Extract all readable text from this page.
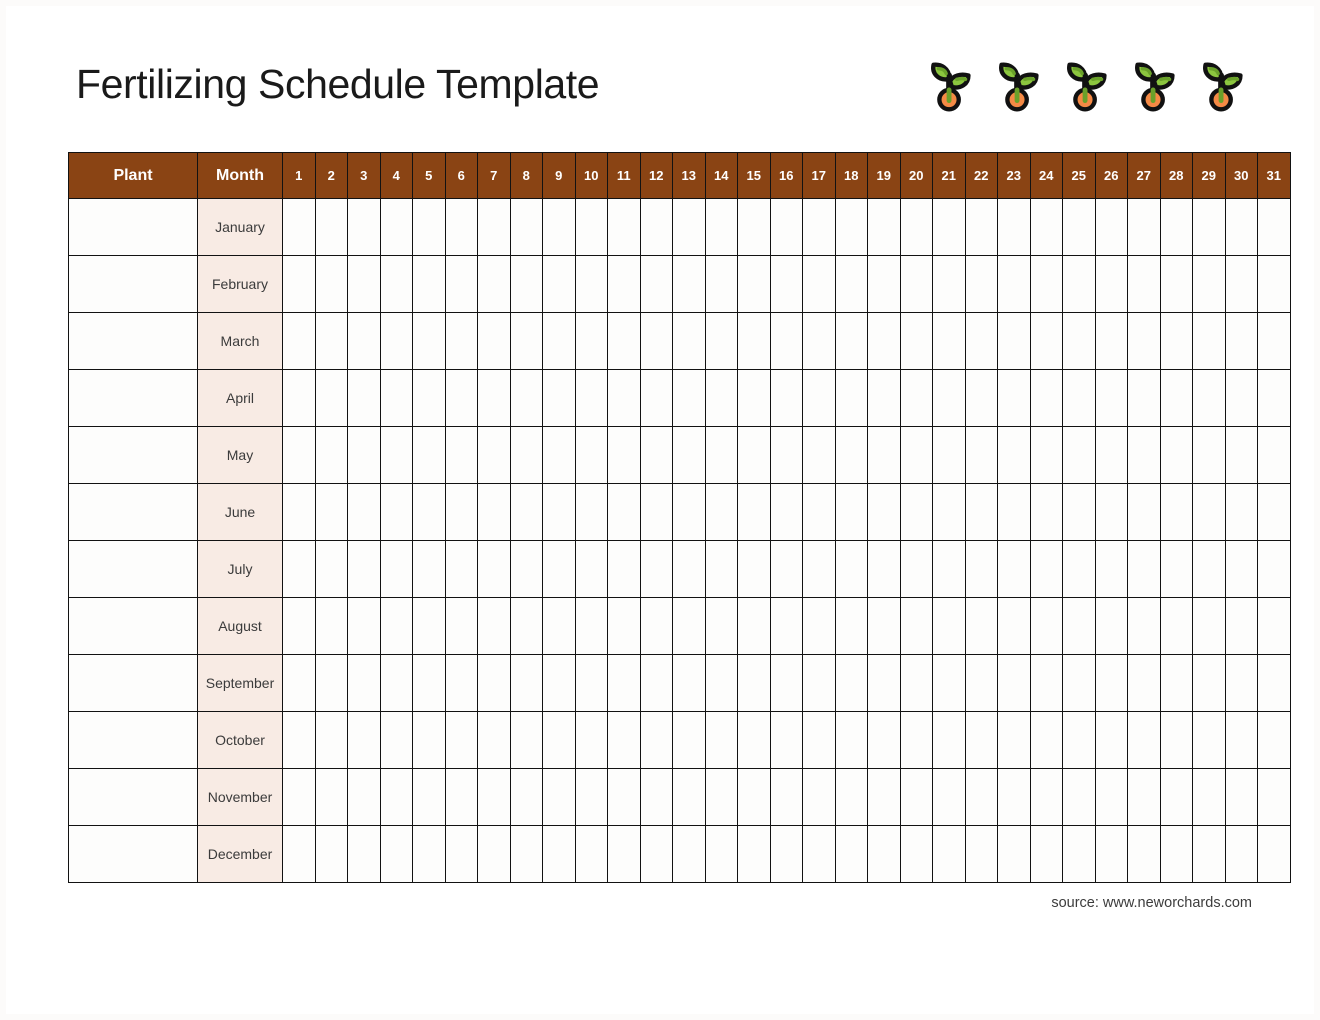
Fertilizing Schedule Template
Plant	Month	1	2	3	4	5	6	7	8	9	10	11	12	13	14	15	16	17	18	19	20	21	22	23	24	25	26	27	28	29	30	31
	January																															
	February																															
	March																															
	April																															
	May																															
	June																															
	July																															
	August																															
	September																															
	October																															
	November																															
	December																															
source: www.neworchards.com
